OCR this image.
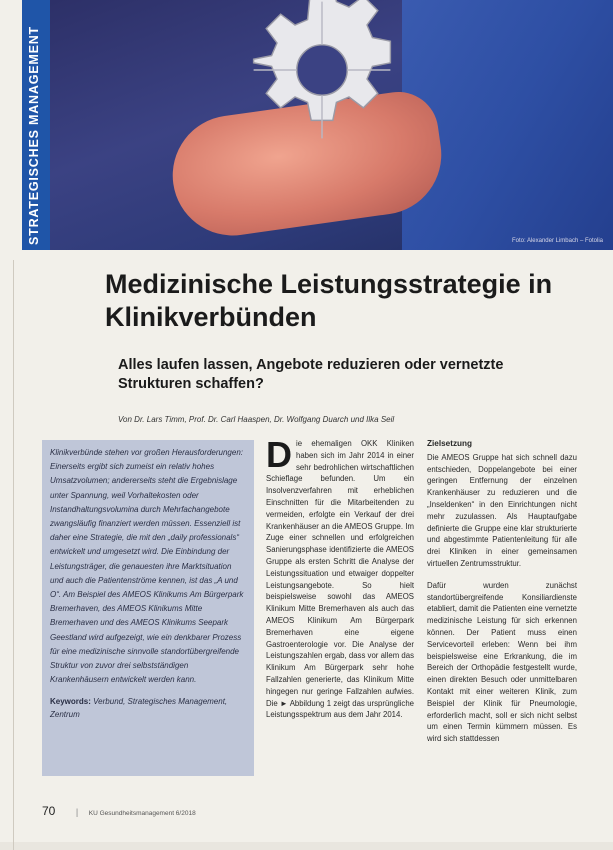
Foto: Alexander Limbach – Fotolia
STRATEGISCHES MANAGEMENT
Medizinische Leistungsstrategie in Klinikverbünden
Alles laufen lassen, Angebote reduzieren oder vernetzte Strukturen schaffen?
Von Dr. Lars Timm, Prof. Dr. Carl Haaspen, Dr. Wolfgang Duarch und Ilka Seil

Klinikverbünde stehen vor großen Herausforderungen: Einerseits ergibt sich zumeist ein relativ hohes Umsatzvolumen; andererseits steht die Ergebnislage unter Spannung, weil Vorhaltekosten oder Instandhaltungsvolumina durch Mehrfachangebote zwangsläufig finanziert werden müssen. Essenziell ist daher eine Strategie, die mit den „daily professionals“ entwickelt und umgesetzt wird. Die Einbindung der Leistungsträger, die genauesten ihre Marktsituation und auch die Patientenströme kennen, ist das „A und O“. Am Beispiel des AMEOS Klinikums Am Bürgerpark Bremerhaven, des AMEOS Klinikums Mitte Bremerhaven und des AMEOS Klinikums Seepark Geestland wird aufgezeigt, wie ein denkbarer Prozess für eine medizinische sinnvolle standortübergreifende Struktur von zuvor drei selbstständigen Krankenhäusern entwickelt werden kann.

Keywords: Verbund, Strategisches Management, Zentrum

D ie ehemaligen OKK Kliniken haben sich im Jahr 2014 in einer sehr bedrohlichen wirtschaftlichen Schieflage befunden. Um ein Insolvenzverfahren mit erheblichen Einschnitten für die Mitarbeitenden zu vermeiden, erfolgte ein Verkauf der drei Krankenhäuser an die AMEOS Gruppe. Im Zuge einer schnellen und erfolgreichen Sanierungsphase identifizierte die AMEOS Gruppe als ersten Schritt die Analyse der Leistungssituation und etwaiger doppelter Leistungsangebote. So hielt beispielsweise sowohl das AMEOS Klinikum Mitte Bremerhaven als auch das AMEOS Klinikum Am Bürgerpark Bremerhaven eine eigene Gastroenterologie vor. Die Analyse der Leistungszahlen ergab, dass vor allem das Klinikum Am Bürgerpark sehr hohe Fallzahlen generierte, das Klinikum Mitte hingegen nur geringe Fallzahlen aufwies. Die ► Abbildung 1 zeigt das ursprüngliche Leistungsspektrum aus dem Jahr 2014.

Zielsetzung

Die AMEOS Gruppe hat sich schnell dazu entschieden, Doppelangebote bei einer geringen Entfernung der einzelnen Krankenhäuser zu reduzieren und die „Inseldenken“ in den Einrichtungen nicht mehr zuzulassen. Als Hauptaufgabe definierte die Gruppe eine klar strukturierte und abgestimmte Patientenleitung für alle drei Kliniken in einer gemeinsamen virtuellen Zentrumsstruktur.

Dafür wurden zunächst standortübergreifende Konsiliardienste etabliert, damit die Patienten eine vernetzte medizinische Leistung für sich erkennen können. Der Patient muss einen Servicevorteil erleben: Wenn bei ihm beispielsweise eine Erkrankung, die im Bereich der Orthopädie festgestellt wurde, einen direkten Besuch oder unmittelbaren Kontakt mit einer weiteren Klinik, zum Beispiel der Klinik für Pneumologie, erforderlich macht, soll er sich nicht selbst um einen Termin kümmern müssen. Es wird sich stattdessen

70 | KU Gesundheitsmanagement 6/2018
